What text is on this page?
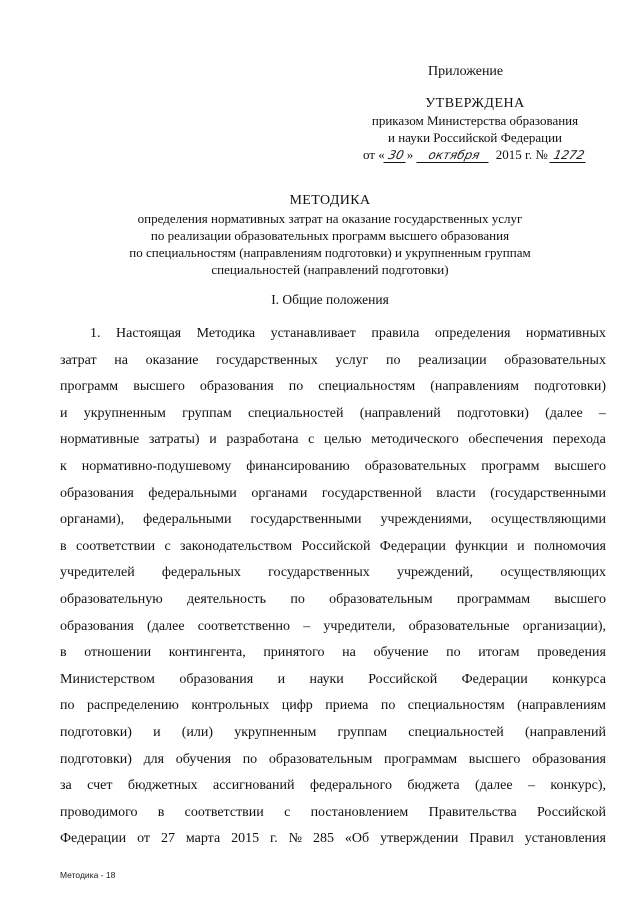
Приложение
УТВЕРЖДЕНА
приказом Министерства образования
и науки Российской Федерации
от « 30 » октября 2015 г. № 1272
МЕТОДИКА
определения нормативных затрат на оказание государственных услуг
по реализации образовательных программ высшего образования
по специальностям (направлениям подготовки) и укрупненным группам
специальностей (направлений подготовки)
I. Общие положения
1. Настоящая Методика устанавливает правила определения нормативных
затрат на оказание государственных услуг по реализации образовательных
программ высшего образования по специальностям (направлениям подготовки)
и укрупненным группам специальностей (направлений подготовки) (далее –
нормативные затраты) и разработана с целью методического обеспечения перехода
к нормативно-подушевому финансированию образовательных программ высшего
образования федеральными органами государственной власти (государственными
органами), федеральными государственными учреждениями, осуществляющими
в соответствии с законодательством Российской Федерации функции и полномочия
учредителей федеральных государственных учреждений, осуществляющих
образовательную деятельность по образовательным программам высшего
образования (далее соответственно – учредители, образовательные организации),
в отношении контингента, принятого на обучение по итогам проведения
Министерством образования и науки Российской Федерации конкурса
по распределению контрольных цифр приема по специальностям (направлениям
подготовки) и (или) укрупненным группам специальностей (направлений
подготовки) для обучения по образовательным программам высшего образования
за счет бюджетных ассигнований федерального бюджета (далее – конкурс),
проводимого в соответствии с постановлением Правительства Российской
Федерации от 27 марта 2015 г. № 285 «Об утверждении Правил установления
Методика - 18
